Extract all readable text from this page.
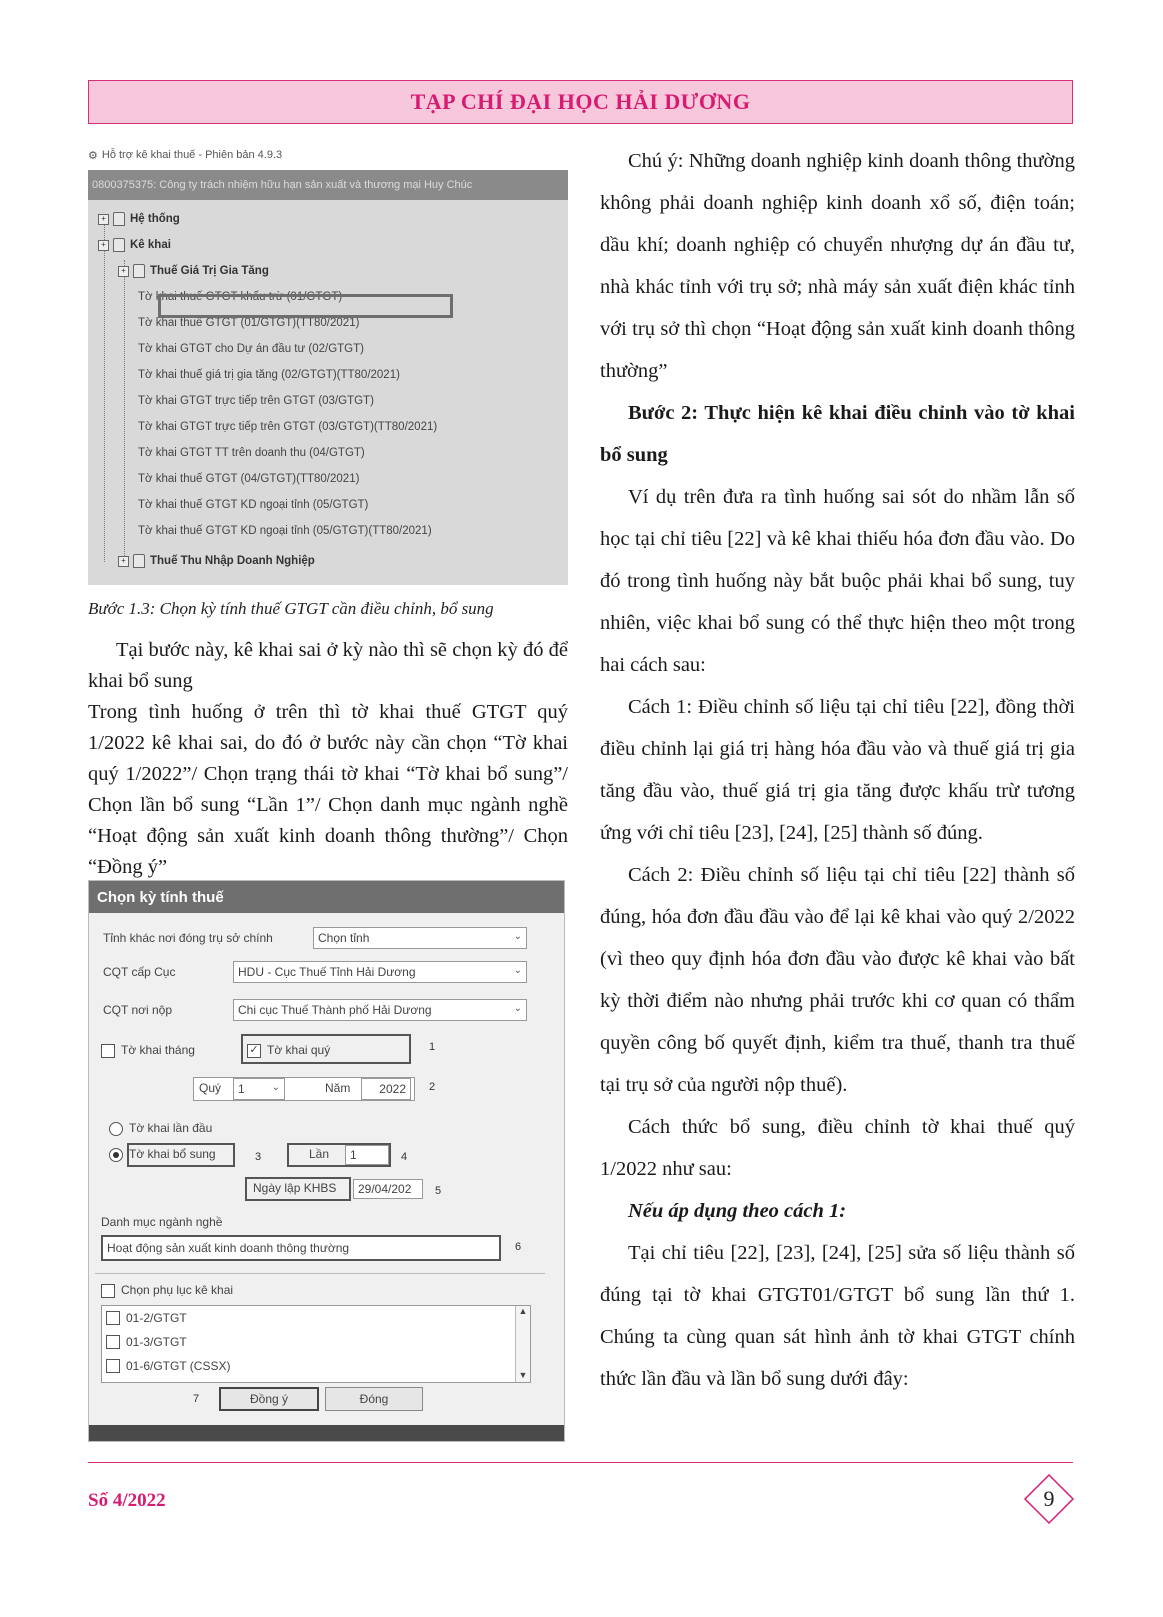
TẠP CHÍ ĐẠI HỌC HẢI DƯƠNG
⚙ Hỗ trợ kê khai thuế - Phiên bản 4.9.3
0800375375: Công ty trách nhiệm hữu hạn sản xuất và thương mại Huy Chúc
+ Hệ thống
+ Kê khai
+ Thuế Giá Trị Gia Tăng
Tờ khai thuế GTGT khấu trừ (01/GTGT)
Tờ khai thuế GTGT (01/GTGT)(TT80/2021)
Tờ khai GTGT cho Dự án đầu tư (02/GTGT)
Tờ khai thuế giá trị gia tăng (02/GTGT)(TT80/2021)
Tờ khai GTGT trực tiếp trên GTGT (03/GTGT)
Tờ khai GTGT trực tiếp trên GTGT (03/GTGT)(TT80/2021)
Tờ khai GTGT TT trên doanh thu (04/GTGT)
Tờ khai thuế GTGT (04/GTGT)(TT80/2021)
Tờ khai thuế GTGT KD ngoại tỉnh (05/GTGT)
Tờ khai thuế GTGT KD ngoại tỉnh (05/GTGT)(TT80/2021)
+ Thuế Thu Nhập Doanh Nghiệp
Bước 1.3: Chọn kỳ tính thuế GTGT cần điều chỉnh, bổ sung

Tại bước này, kê khai sai ở kỳ nào thì sẽ chọn kỳ đó để khai bổ sung

Trong tình huống ở trên thì tờ khai thuế GTGT quý 1/2022 kê khai sai, do đó ở bước này cần chọn “Tờ khai quý 1/2022”/ Chọn trạng thái tờ khai “Tờ khai bổ sung”/ Chọn lần bổ sung “Lần 1”/ Chọn danh mục ngành nghề “Hoạt động sản xuất kinh doanh thông thường”/ Chọn “Đồng ý”

Chọn kỳ tính thuế
Tỉnh khác nơi đóng trụ sở chính	Chọn tỉnh	⌄
CQT cấp Cục	HDU - Cục Thuế Tỉnh Hải Dương	⌄
CQT nơi nộp	Chi cục Thuế Thành phố Hải Dương	⌄
Tờ khai tháng	✓ Tờ khai quý	1
Quý 1	⌄	Năm 2022 2
Tờ khai lần đầu
Tờ khai bổ sung	3	Lần 1	4
Ngày lập KHBS 29/04/202 5
Danh mục ngành nghề
Hoạt động sản xuất kinh doanh thông thường	6
Chọn phụ lục kê khai
01-2/GTGT
01-3/GTGT
01-6/GTGT (CSSX)
▲
▼
7	Đồng ý	Đóng

Chú ý: Những doanh nghiệp kinh doanh thông thường không phải doanh nghiệp kinh doanh xổ số, điện toán; dầu khí; doanh nghiệp có chuyển nhượng dự án đầu tư, nhà khác tỉnh với trụ sở; nhà máy sản xuất điện khác tỉnh với trụ sở thì chọn “Hoạt động sản xuất kinh doanh thông thường”

Bước 2: Thực hiện kê khai điều chỉnh vào tờ khai bổ sung

Ví dụ trên đưa ra tình huống sai sót do nhầm lẫn số học tại chỉ tiêu [22] và kê khai thiếu hóa đơn đầu vào. Do đó trong tình huống này bắt buộc phải khai bổ sung, tuy nhiên, việc khai bổ sung có thể thực hiện theo một trong hai cách sau:

Cách 1: Điều chỉnh số liệu tại chỉ tiêu [22], đồng thời điều chỉnh lại giá trị hàng hóa đầu vào và thuế giá trị gia tăng đầu vào, thuế giá trị gia tăng được khấu trừ tương ứng với chỉ tiêu [23], [24], [25] thành số đúng.

Cách 2: Điều chỉnh số liệu tại chỉ tiêu [22] thành số đúng, hóa đơn đầu đầu vào để lại kê khai vào quý 2/2022 (vì theo quy định hóa đơn đầu vào được kê khai vào bất kỳ thời điểm nào nhưng phải trước khi cơ quan có thẩm quyền công bố quyết định, kiểm tra thuế, thanh tra thuế tại trụ sở của người nộp thuế).

Cách thức bổ sung, điều chỉnh tờ khai thuế quý 1/2022 như sau:

Nếu áp dụng theo cách 1:

Tại chỉ tiêu [22], [23], [24], [25] sửa số liệu thành số đúng tại tờ khai GTGT01/GTGT bổ sung lần thứ 1. Chúng ta cùng quan sát hình ảnh tờ khai GTGT chính thức lần đầu và lần bổ sung dưới đây:

Số 4/2022	9
